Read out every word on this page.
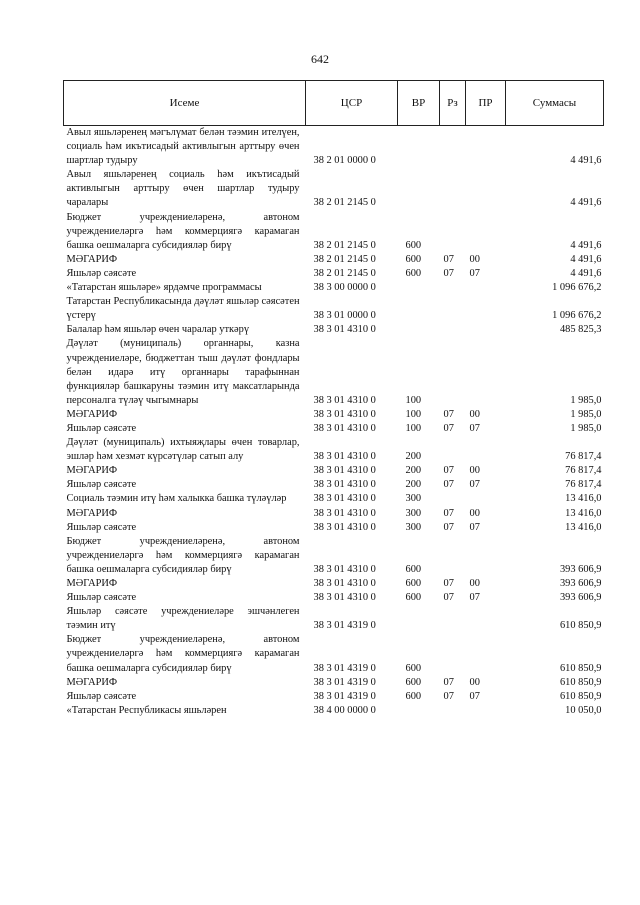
642
Исеме	ЦСР	ВР	Рз	ПР	Суммасы
Авыл яшьләренең мәгълүмат белән тәэмин ителүен, социаль һәм икътисадый активлыгын арттыру өчен шартлар тудыру	38 2 01 0000 0				4 491,6
Авыл яшьләренең социаль һәм икътисадый активлыгын арттыру өчен шартлар тудыру чаралары	38 2 01 2145 0				4 491,6
Бюджет учреждениеләренә, автоном учреждениеләргә һәм коммерциягә карамаган башка оешмаларга субсидияләр бирү	38 2 01 2145 0	600			4 491,6
МӘГАРИФ	38 2 01 2145 0	600	07	00	4 491,6
Яшьләр сәясәте	38 2 01 2145 0	600	07	07	4 491,6
«Татарстан яшьләре» ярдәмче программасы	38 3 00 0000 0				1 096 676,2
Татарстан Республикасында дәүләт яшьләр сәясәтен үстерү	38 3 01 0000 0				1 096 676,2
Балалар һәм яшьләр өчен чаралар уткәрү	38 3 01 4310 0				485 825,3
Дәүләт (муниципаль) органнары, казна учреждениеләре, бюджеттан тыш дәүләт фондлары белән идарә итү органнары тарафыннан функцияләр башкаруны тәэмин итү максатларында персоналга түләү чыгымнары	38 3 01 4310 0	100			1 985,0
МӘГАРИФ	38 3 01 4310 0	100	07	00	1 985,0
Яшьләр сәясәте	38 3 01 4310 0	100	07	07	1 985,0
Дәүләт (муниципаль) ихтыяҗлары өчен товарлар, эшләр һәм хезмәт күрсәтүләр сатып алу	38 3 01 4310 0	200			76 817,4
МӘГАРИФ	38 3 01 4310 0	200	07	00	76 817,4
Яшьләр сәясәте	38 3 01 4310 0	200	07	07	76 817,4
Социаль тәэмин итү һәм халыкка башка түләүләр	38 3 01 4310 0	300			13 416,0
МӘГАРИФ	38 3 01 4310 0	300	07	00	13 416,0
Яшьләр сәясәте	38 3 01 4310 0	300	07	07	13 416,0
Бюджет учреждениеләренә, автоном учреждениеләргә һәм коммерциягә карамаган башка оешмаларга субсидияләр бирү	38 3 01 4310 0	600			393 606,9
МӘГАРИФ	38 3 01 4310 0	600	07	00	393 606,9
Яшьләр сәясәте	38 3 01 4310 0	600	07	07	393 606,9
Яшьләр сәясәте учреждениеләре эшчәнлеген тәэмин итү	38 3 01 4319 0				610 850,9
Бюджет учреждениеләренә, автоном учреждениеләргә һәм коммерциягә карамаган башка оешмаларга субсидияләр бирү	38 3 01 4319 0	600			610 850,9
МӘГАРИФ	38 3 01 4319 0	600	07	00	610 850,9
Яшьләр сәясәте	38 3 01 4319 0	600	07	07	610 850,9
«Татарстан Республикасы яшьләрен	38 4 00 0000 0				10 050,0
